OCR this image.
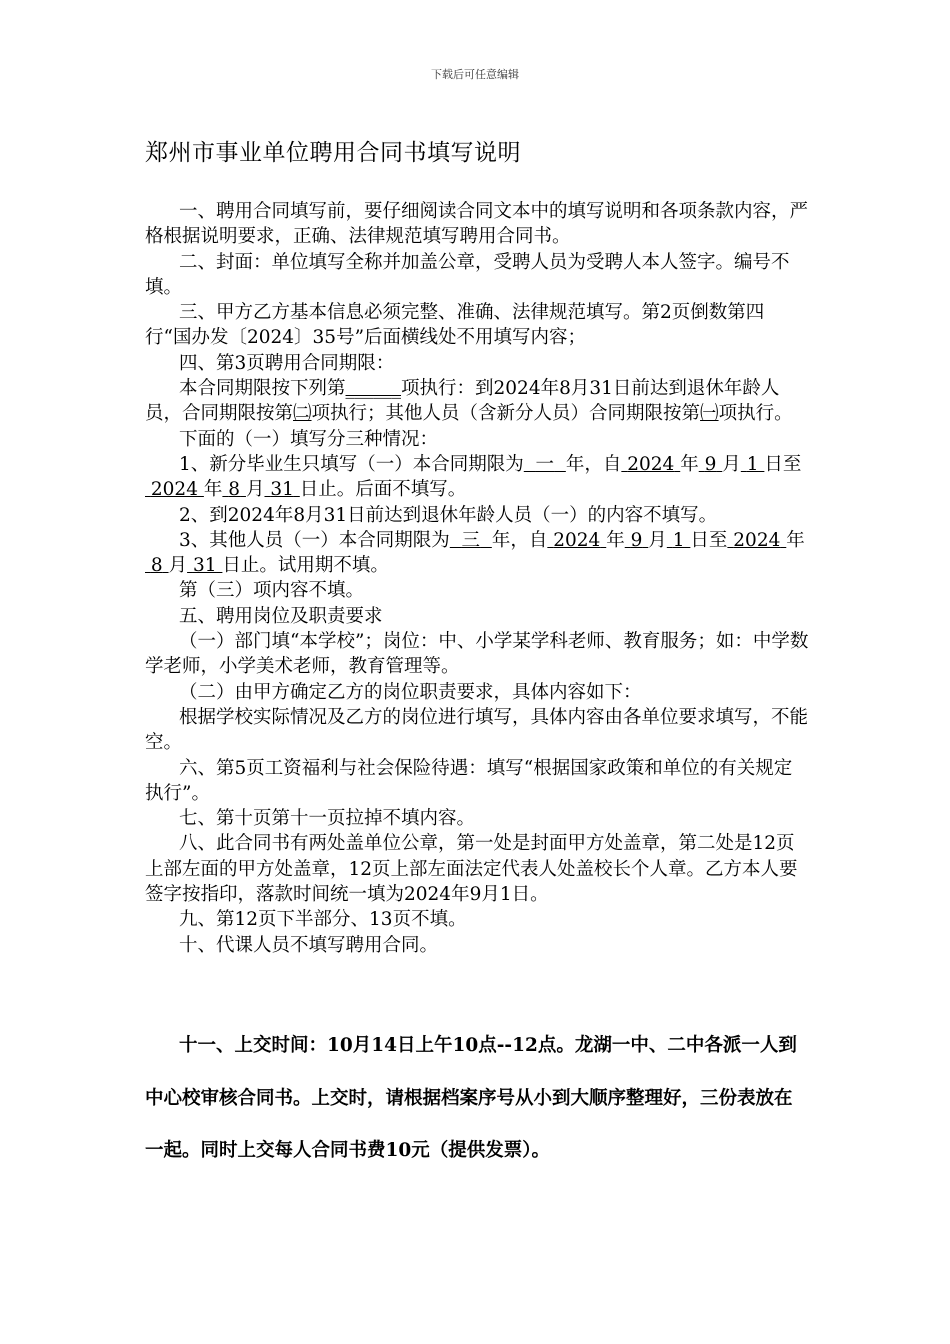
下载后可任意编辑
郑州市事业单位聘用合同书填写说明

一、聘用合同填写前，要仔细阅读合同文本中的填写说明和各项条款内容，严格根据说明要求，正确、法律规范填写聘用合同书。

二、封面：单位填写全称并加盖公章，受聘人员为受聘人本人签字。编号不填。

三、甲方乙方基本信息必须完整、准确、法律规范填写。第2页倒数第四行“国办发〔2024〕35号”后面横线处不用填写内容；

四、第3页聘用合同期限：

本合同期限按下列第______项执行：到2024年8月31日前达到退休年龄人员，合同期限按第㈡项执行；其他人员（含新分人员）合同期限按第㈠项执行。

下面的（一）填写分三种情况：

1、新分毕业生只填写（一）本合同期限为 一 年，自 2024 年 9 月 1 日至 2024 年 8 月 31 日止。后面不填写。

2、到2024年8月31日前达到退休年龄人员（一）的内容不填写。

3、其他人员（一）本合同期限为 三 年，自 2024 年 9 月 1 日至 2024 年 8 月 31 日止。试用期不填。

第（三）项内容不填。

五、聘用岗位及职责要求

（一）部门填“本学校”；岗位：中、小学某学科老师、教育服务；如：中学数学老师，小学美术老师，教育管理等。

（二）由甲方确定乙方的岗位职责要求，具体内容如下：

根据学校实际情况及乙方的岗位进行填写，具体内容由各单位要求填写，不能空。

六、第5页工资福利与社会保险待遇：填写“根据国家政策和单位的有关规定执行”。

七、第十页第十一页拉掉不填内容。

八、此合同书有两处盖单位公章，第一处是封面甲方处盖章，第二处是12页上部左面的甲方处盖章，12页上部左面法定代表人处盖校长个人章。乙方本人要签字按指印，落款时间统一填为2024年9月1日。

九、第12页下半部分、13页不填。

十、代课人员不填写聘用合同。

十一、上交时间：10月14日上午10点--12点。龙湖一中、二中各派一人到中心校审核合同书。上交时，请根据档案序号从小到大顺序整理好，三份表放在一起。同时上交每人合同书费10元（提供发票）。
